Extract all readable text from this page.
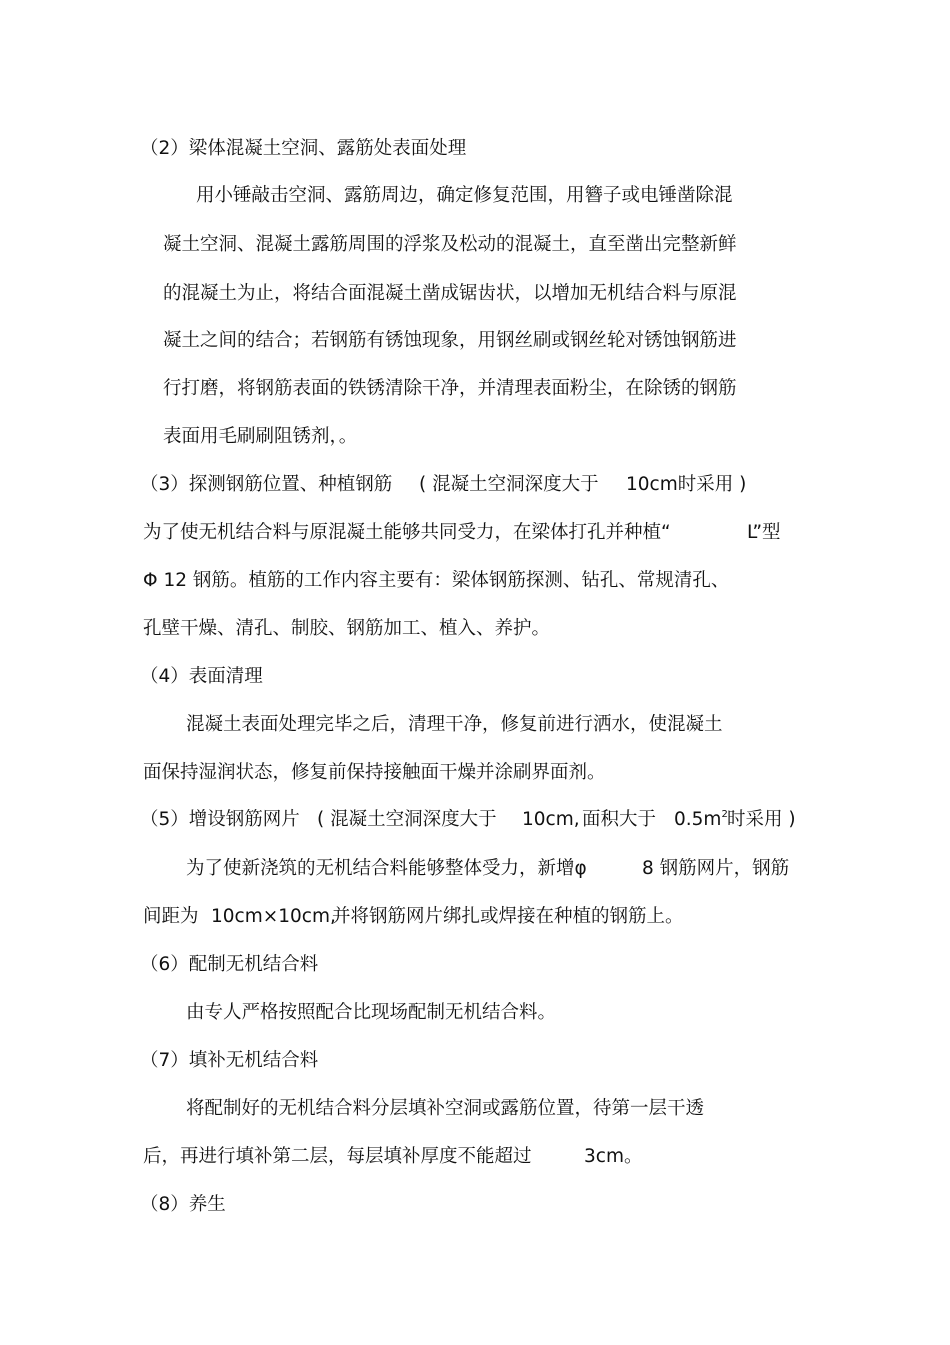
（2）梁体混凝土空洞、露筋处表面处理
用小锤敲击空洞、露筋周边，确定修复范围，用簪子或电锤凿除混
凝土空洞、混凝土露筋周围的浮浆及松动的混凝土，直至凿出完整新鲜
的混凝土为止，将结合面混凝土凿成锯齿状，以增加无机结合料与原混
凝土之间的结合；若钢筋有锈蚀现象，用钢丝刷或钢丝轮对锈蚀钢筋进
行打磨，将钢筋表面的铁锈清除干净，并清理表面粉尘，在除锈的钢筋
表面用毛刷刷阻锈剂，。
（3）探测钢筋位置、种植钢筋 ( 混凝土空洞深度大于 10cm时采用 )
为了使无机结合料与原混凝土能够共同受力，在梁体打孔并种植“	L”型
Φ 12 钢筋。植筋的工作内容主要有：梁体钢筋探测、钻孔、常规清孔、
孔壁干燥、清孔、制胶、钢筋加工、植入、养护。
（4）表面清理
混凝土表面处理完毕之后，清理干净，修复前进行洒水，使混凝土
面保持湿润状态，修复前保持接触面干燥并涂刷界面剂。
（5）增设钢筋网片 ( 混凝土空洞深度大于 10cm, 面积大于 $0.5m^2$ 时采用 )
为了使新浇筑的无机结合料能够整体受力，新增φ	8 钢筋网片，钢筋
间距为 10cm×10cm,
并将钢筋网片绑扎或焊接在种植的钢筋上。
（6）配制无机结合料
由专人严格按照配合比现场配制无机结合料。
（7）填补无机结合料
将配制好的无机结合料分层填补空洞或露筋位置，待第一层干透
后，再进行填补第二层，每层填补厚度不能超过	3cm。
（8）养生
